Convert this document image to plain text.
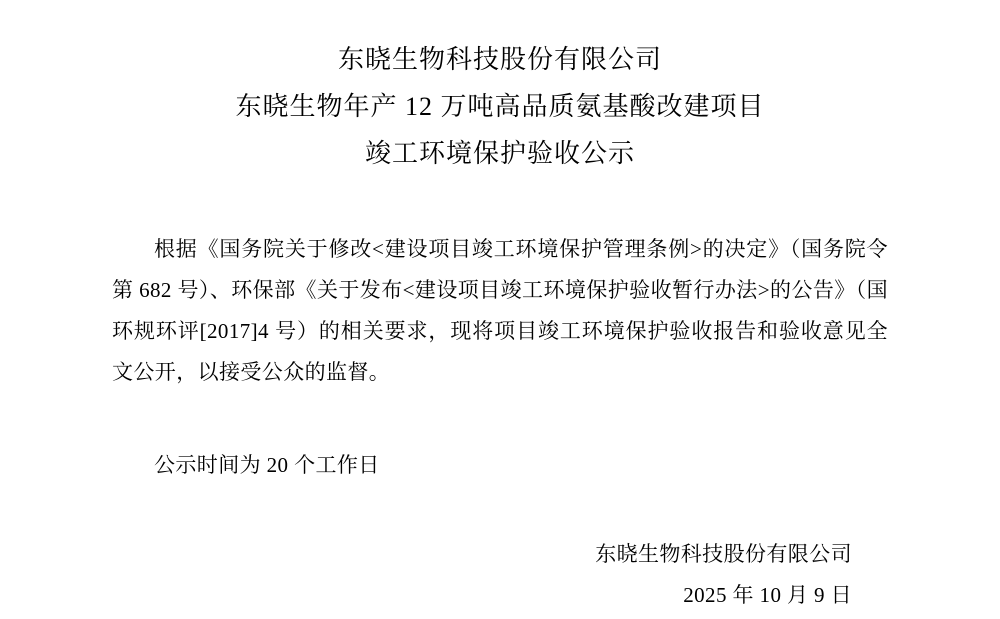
东晓生物科技股份有限公司
东晓生物年产 12 万吨高品质氨基酸改建项目
竣工环境保护验收公示

根据《国务院关于修改<建设项目竣工环境保护管理条例>的决定》（国务院令第 682 号）、环保部《关于发布<建设项目竣工环境保护验收暂行办法>的公告》（国环规环评[2017]4 号）的相关要求，现将项目竣工环境保护验收报告和验收意见全文公开，以接受公众的监督。

公示时间为 20 个工作日

东晓生物科技股份有限公司
2025 年 10 月 9 日
